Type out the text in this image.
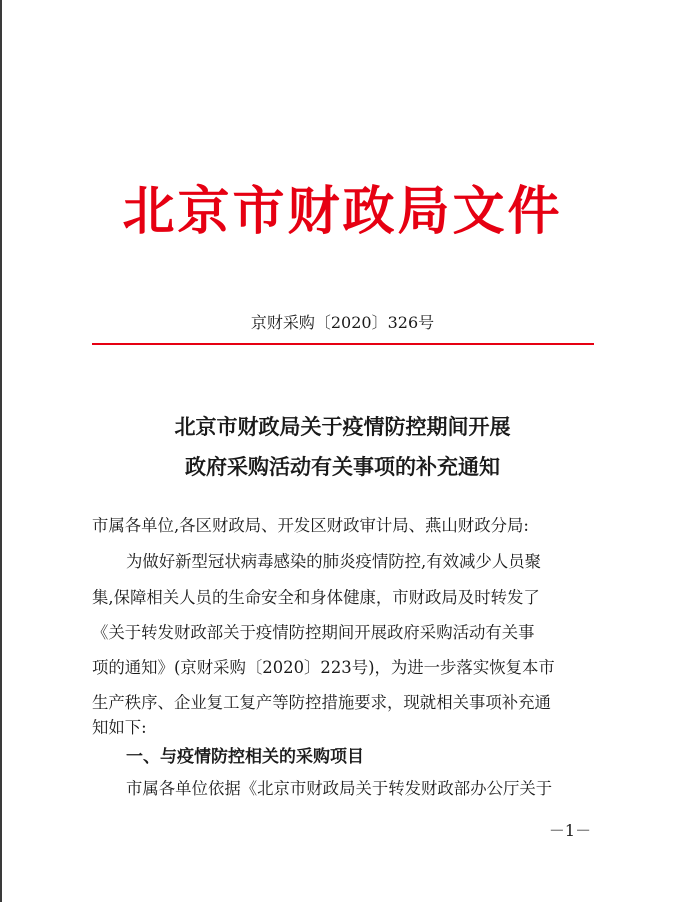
北京市财政局文件
京财采购〔2020〕326号
北京市财政局关于疫情防控期间开展
政府采购活动有关事项的补充通知
市属各单位,各区财政局、开发区财政审计局、燕山财政分局:
为做好新型冠状病毒感染的肺炎疫情防控,有效减少人员聚
集,保障相关人员的生命安全和身体健康，市财政局及时转发了
《关于转发财政部关于疫情防控期间开展政府采购活动有关事
项的通知》(京财采购〔2020〕223号)，为进一步落实恢复本市
生产秩序、企业复工复产等防控措施要求，现就相关事项补充通
知如下:
一、与疫情防控相关的采购项目
市属各单位依据《北京市财政局关于转发财政部办公厅关于
－1－
